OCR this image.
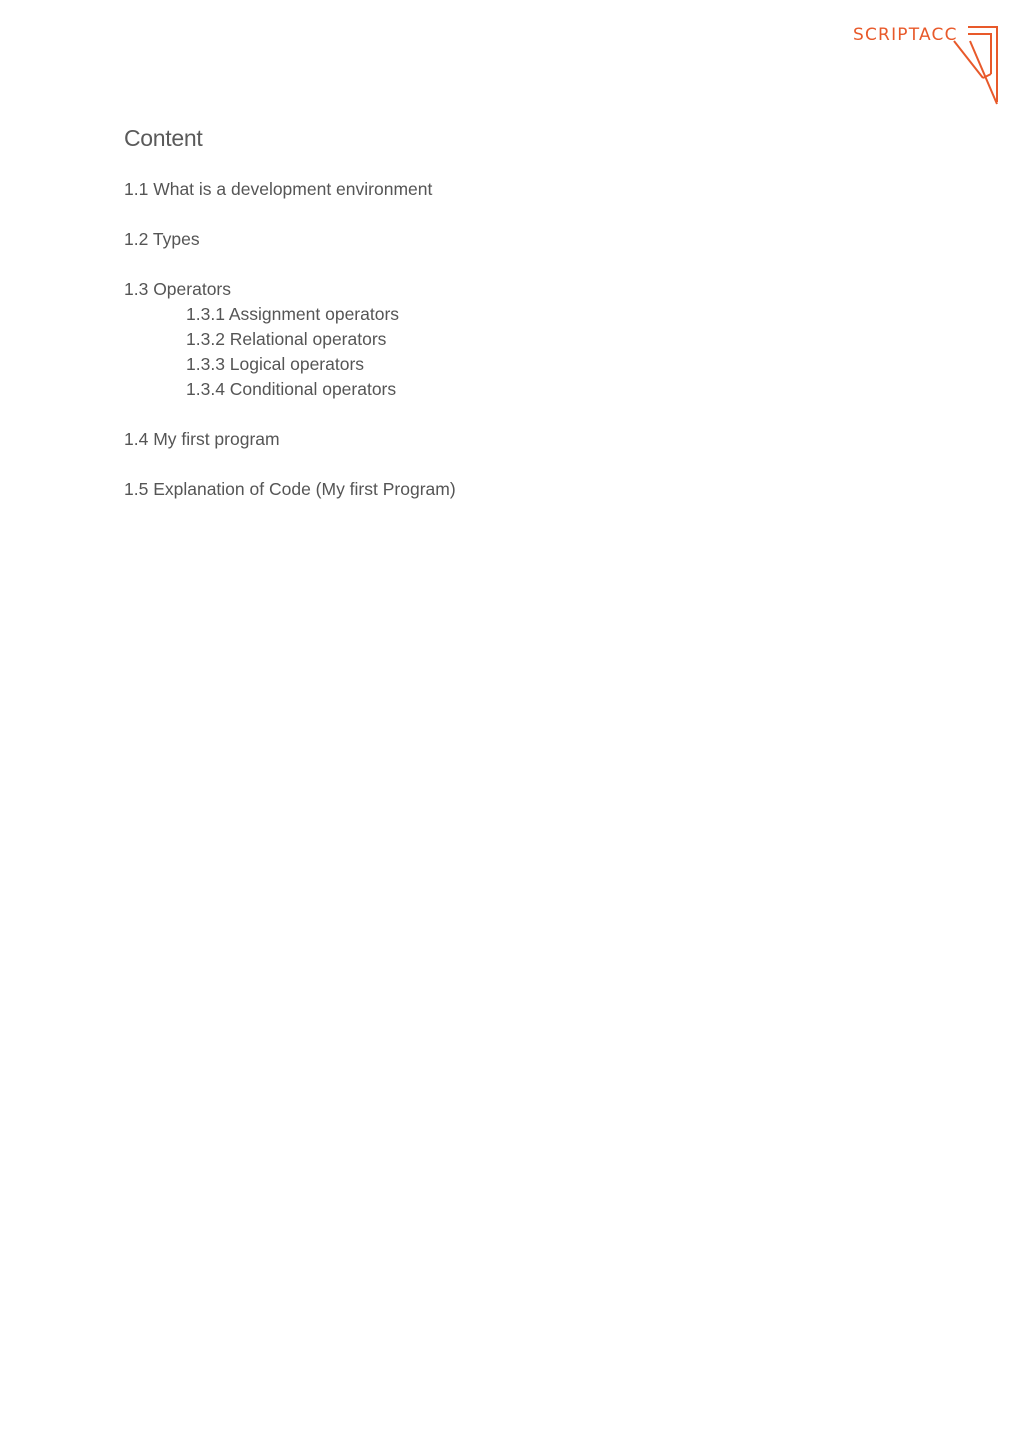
SCRIPTACC
Content
1.1 What is a development environment
1.2 Types
1.3 Operators
1.3.1 Assignment operators
1.3.2 Relational operators
1.3.3 Logical operators
1.3.4 Conditional operators
1.4 My first program
1.5 Explanation of Code (My first Program)
